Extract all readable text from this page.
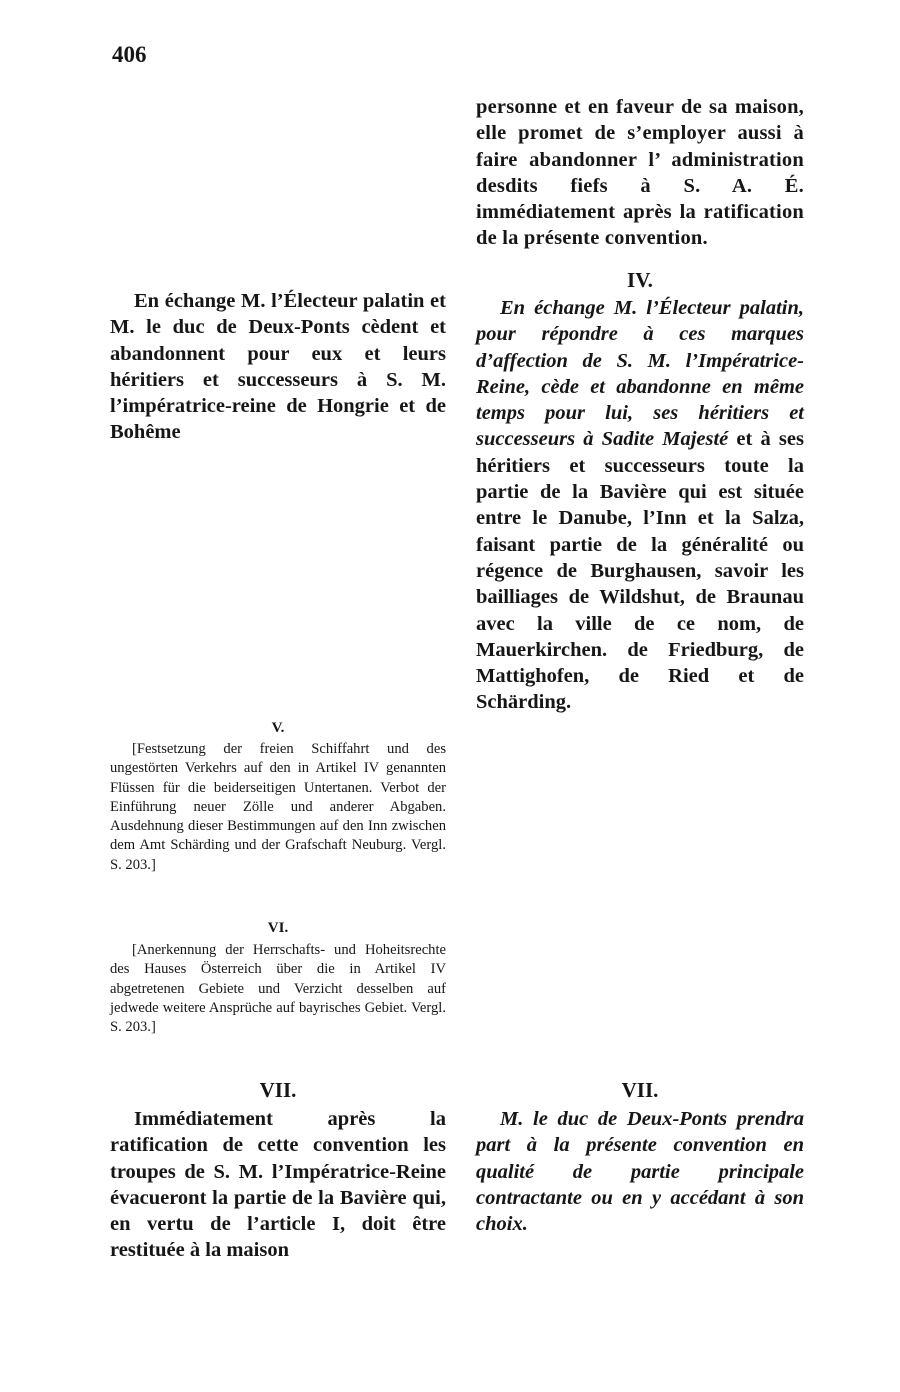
406

personne et en faveur de sa maison, elle promet de s’employer aussi à faire abandonner l’ administration desdits fiefs à S. A. É. immédiatement après la ratification de la présente convention.

IV.

En échange M. l’Électeur palatin et M. le duc de Deux-Ponts cèdent et abandonnent pour eux et leurs héritiers et successeurs à S. M. l’impératrice-reine de Hongrie et de Bohême

En échange M. l’Électeur palatin, pour répondre à ces marques d’affection de S. M. l’Impératrice-Reine, cède et abandonne en même temps pour lui, ses héritiers et successeurs à Sadite Majesté et à ses héritiers et successeurs toute la partie de la Bavière qui est située entre le Danube, l’Inn et la Salza, faisant partie de la généralité ou régence de Burghausen, savoir les bailliages de Wildshut, de Braunau avec la ville de ce nom, de Mauerkirchen. de Friedburg, de Mattighofen, de Ried et de Schärding.

V.

[Festsetzung der freien Schiffahrt und des ungestörten Verkehrs auf den in Artikel IV genannten Flüssen für die beiderseitigen Untertanen. Verbot der Einführung neuer Zölle und anderer Abgaben. Ausdehnung dieser Bestimmungen auf den Inn zwischen dem Amt Schärding und der Grafschaft Neuburg. Vergl. S. 203.]

VI.

[Anerkennung der Herrschafts- und Hoheitsrechte des Hauses Österreich über die in Artikel IV abgetretenen Gebiete und Verzicht desselben auf jedwede weitere Ansprüche auf bayrisches Gebiet. Vergl. S. 203.]

VII.	VII.

Immédiatement après la ratification de cette convention les troupes de S. M. l’Impératrice-Reine évacueront la partie de la Bavière qui, en vertu de l’article I, doit être restituée à la maison

M. le duc de Deux-Ponts prendra part à la présente convention en qualité de partie principale contractante ou en y accédant à son choix.
